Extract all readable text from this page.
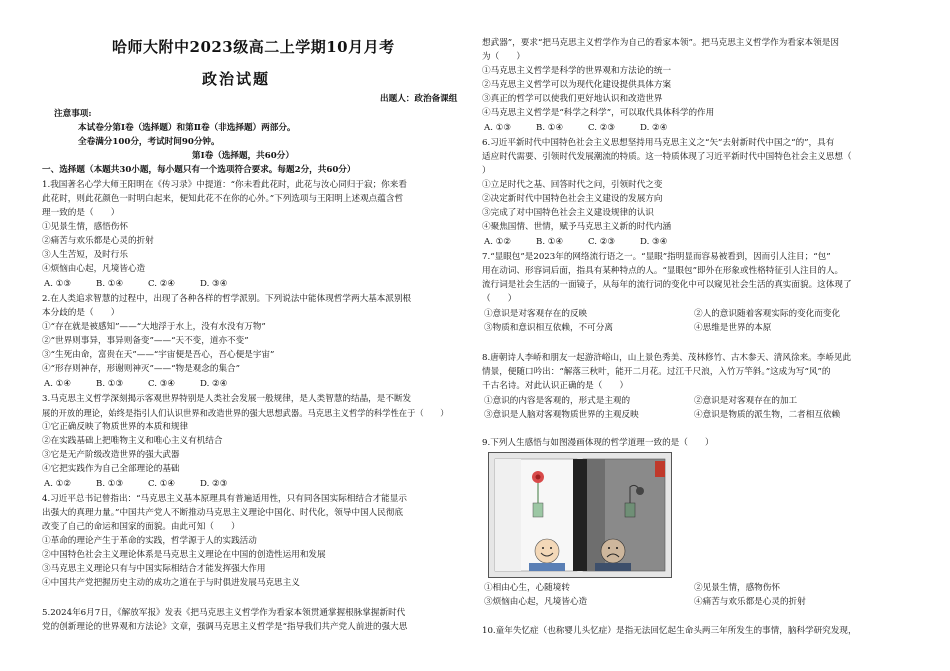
哈师大附中2023级高二上学期10月月考
政治试题
出题人：政治备课组
注意事项:
本试卷分第Ⅰ卷（选择题）和第Ⅱ卷（非选择题）两部分。
全卷满分100分，考试时间90分钟。
第Ⅰ卷（选择题，共60分）
一、选择题（本题共30小题，每小题只有一个选项符合要求。每题2分，共60分）
1.我国著名心学大师王阳明在《传习录》中提道：“你未看此花时，此花与汝心同归于寂；你来看
此花时，则此花颜色一时明白起来，便知此花不在你的心外。”下列选项与王阳明上述观点蕴含哲
理一致的是（　　）
①见景生情，感悟伤怀
②痛苦与欢乐都是心灵的折射
③人生苦短，及时行乐
④烦恼由心起，凡境皆心造
A. ①③	B. ①④	C. ②④	D. ③④
2.在人类追求智慧的过程中，出现了各种各样的哲学派别。下列说法中能体现哲学两大基本派别根
本分歧的是（　　）
①“存在就是被感知”——“大地浮于水上，没有水没有万物”
②“世界则事异，事异则备变”——“天不变，道亦不变”
③“生死由命，富贵在天”——“宇宙便是吾心，吾心便是宇宙”
④“形存则神存，形谢则神灭”——“物是观念的集合”
A. ①④	B. ①③	C. ③④	D. ②④
3.马克思主义哲学深刻揭示客观世界特别是人类社会发展一般规律，是人类智慧的结晶，是不断发
展的开放的理论，始终是指引人们认识世界和改造世界的强大思想武器。马克思主义哲学的科学性在于（　　）
①它正确反映了物质世界的本质和规律
②在实践基础上把唯物主义和唯心主义有机结合
③它是无产阶级改造世界的强大武器
④它把实践作为自己全部理论的基础
A. ①②	B. ①③	C. ①④	D. ②③
4.习近平总书记曾指出：“马克思主义基本原理具有普遍适用性，只有同各国实际相结合才能显示
出强大的真理力量。”中国共产党人不断推动马克思主义理论中国化、时代化，领导中国人民彻底
改变了自己的命运和国家的面貌。由此可知（　　）
①革命的理论产生于革命的实践，哲学源于人的实践活动
②中国特色社会主义理论体系是马克思主义理论在中国的创造性运用和发展
③马克思主义理论只有与中国实际相结合才能发挥强大作用
④中国共产党把握历史主动的成功之道在于与时俱进发展马克思主义
5.2024年6月7日，《解放军报》发表《把马克思主义哲学作为看家本领贯通掌握根脉掌握新时代
党的创新理论的世界观和方法论》文章，强调马克思主义哲学是“指导我们共产党人前进的强大思
想武器”，要求“把马克思主义哲学作为自己的看家本领”。把马克思主义哲学作为看家本领是因
为（　　）
①马克思主义哲学是科学的世界观和方法论的统一
②马克思主义哲学可以为现代化建设提供具体方案
③真正的哲学可以使我们更好地认识和改造世界
④马克思主义哲学是“科学之科学”，可以取代具体科学的作用
A. ①③	B. ①④	C. ②③	D. ②④
6.习近平新时代中国特色社会主义思想坚持用马克思主义之“矢”去射新时代中国之“的”，具有
适应时代需要、引领时代发展潮流的特质。这一特质体现了习近平新时代中国特色社会主义思想（
）
①立足时代之基、回答时代之问，引领时代之变
②决定新时代中国特色社会主义建设的发展方向
③完成了对中国特色社会主义建设规律的认识
④聚焦国情、世情，赋予马克思主义新的时代内涵
A. ①②	B. ①④	C. ②③	D. ③④
7.“显眼包”是2023年的网络流行语之一。“显眼”指明显而容易被看到，因而引人注目；“包”
用在动词、形容词后面，指具有某种特点的人。“显眼包”即外在形象或性格特征引人注目的人。
流行词是社会生活的一面镜子，从每年的流行词的变化中可以窥见社会生活的真实面貌。这体现了
（　　）
①意识是对客观存在的反映	②人的意识随着客观实际的变化而变化
③物质和意识相互依赖，不可分离	④思维是世界的本原
8.唐朝诗人李峤和朋友一起游浒峪山，山上景色秀美、茂林修竹、古木参天、清风徐来。李峤见此
情景，便随口吟出：“解落三秋叶，能开二月花。过江千尺浪，入竹万竿斜。”这成为写“风”的
千古名诗。对此认识正确的是（　　）
①意识的内容是客观的，形式是主观的	②意识是对客观存在的加工
③意识是人脑对客观物质世界的主观反映	④意识是物质的派生物，二者相互依赖
9.下列人生感悟与如图漫画体现的哲学道理一致的是（　　）
①相由心生，心随境转	②见景生情，感物伤怀
③烦恼由心起，凡境皆心造	④痛苦与欢乐都是心灵的折射
10.童年失忆症（也称婴儿头忆症）是指无法回忆起生命头两三年所发生的事情，脑科学研究发现，
